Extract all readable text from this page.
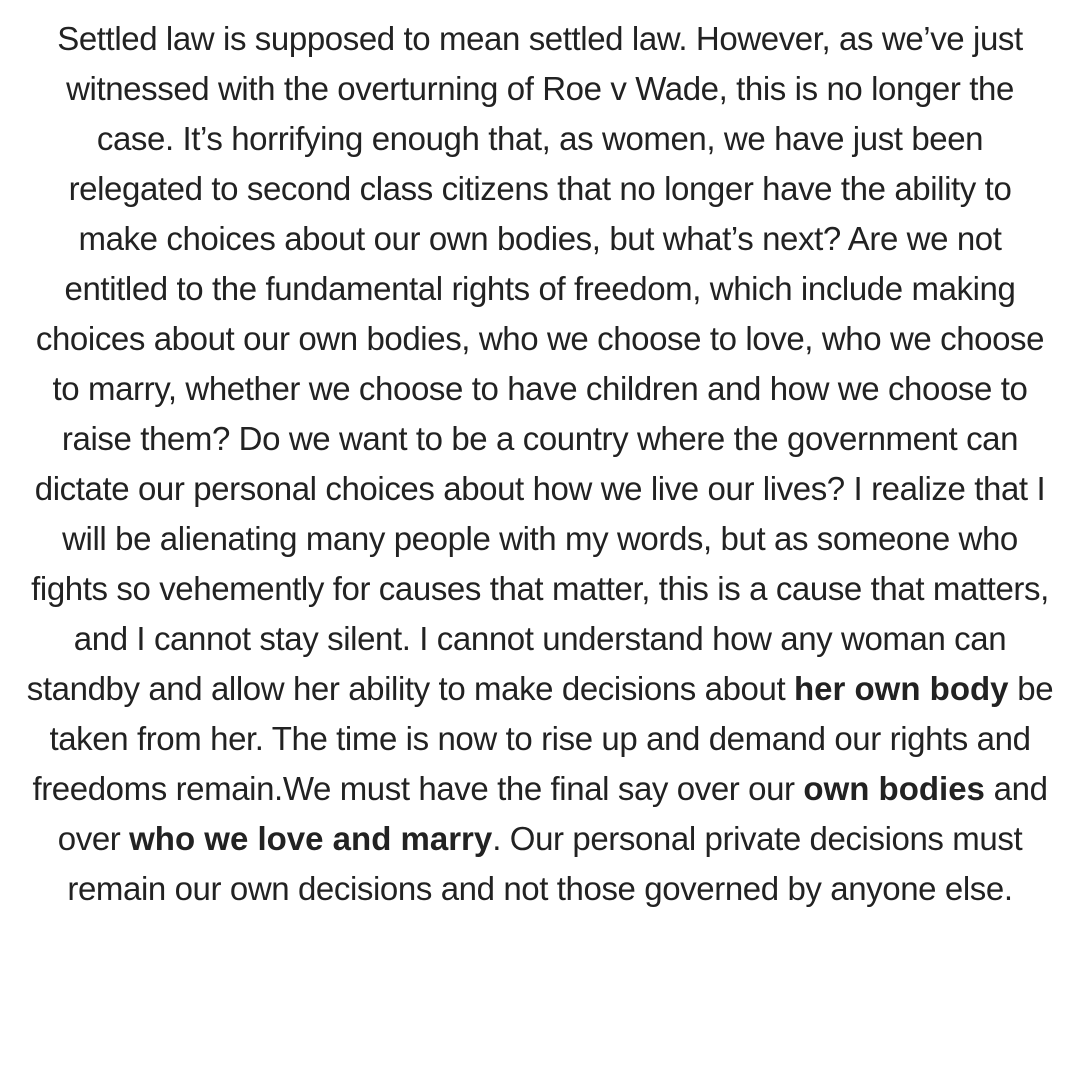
Settled law is supposed to mean settled law. However, as we’ve just witnessed with the overturning of Roe v Wade, this is no longer the case. It’s horrifying enough that, as women, we have just been relegated to second class citizens that no longer have the ability to make choices about our own bodies, but what’s next? Are we not entitled to the fundamental rights of freedom, which include making choices about our own bodies, who we choose to love, who we choose to marry, whether we choose to have children and how we choose to raise them? Do we want to be a country where the government can dictate our personal choices about how we live our lives? I realize that I will be alienating many people with my words, but as someone who fights so vehemently for causes that matter, this is a cause that matters, and I cannot stay silent. I cannot understand how any woman can standby and allow her ability to make decisions about her own body be taken from her. The time is now to rise up and demand our rights and freedoms remain.We must have the final say over our own bodies and over who we love and marry. Our personal private decisions must remain our own decisions and not those governed by anyone else.
